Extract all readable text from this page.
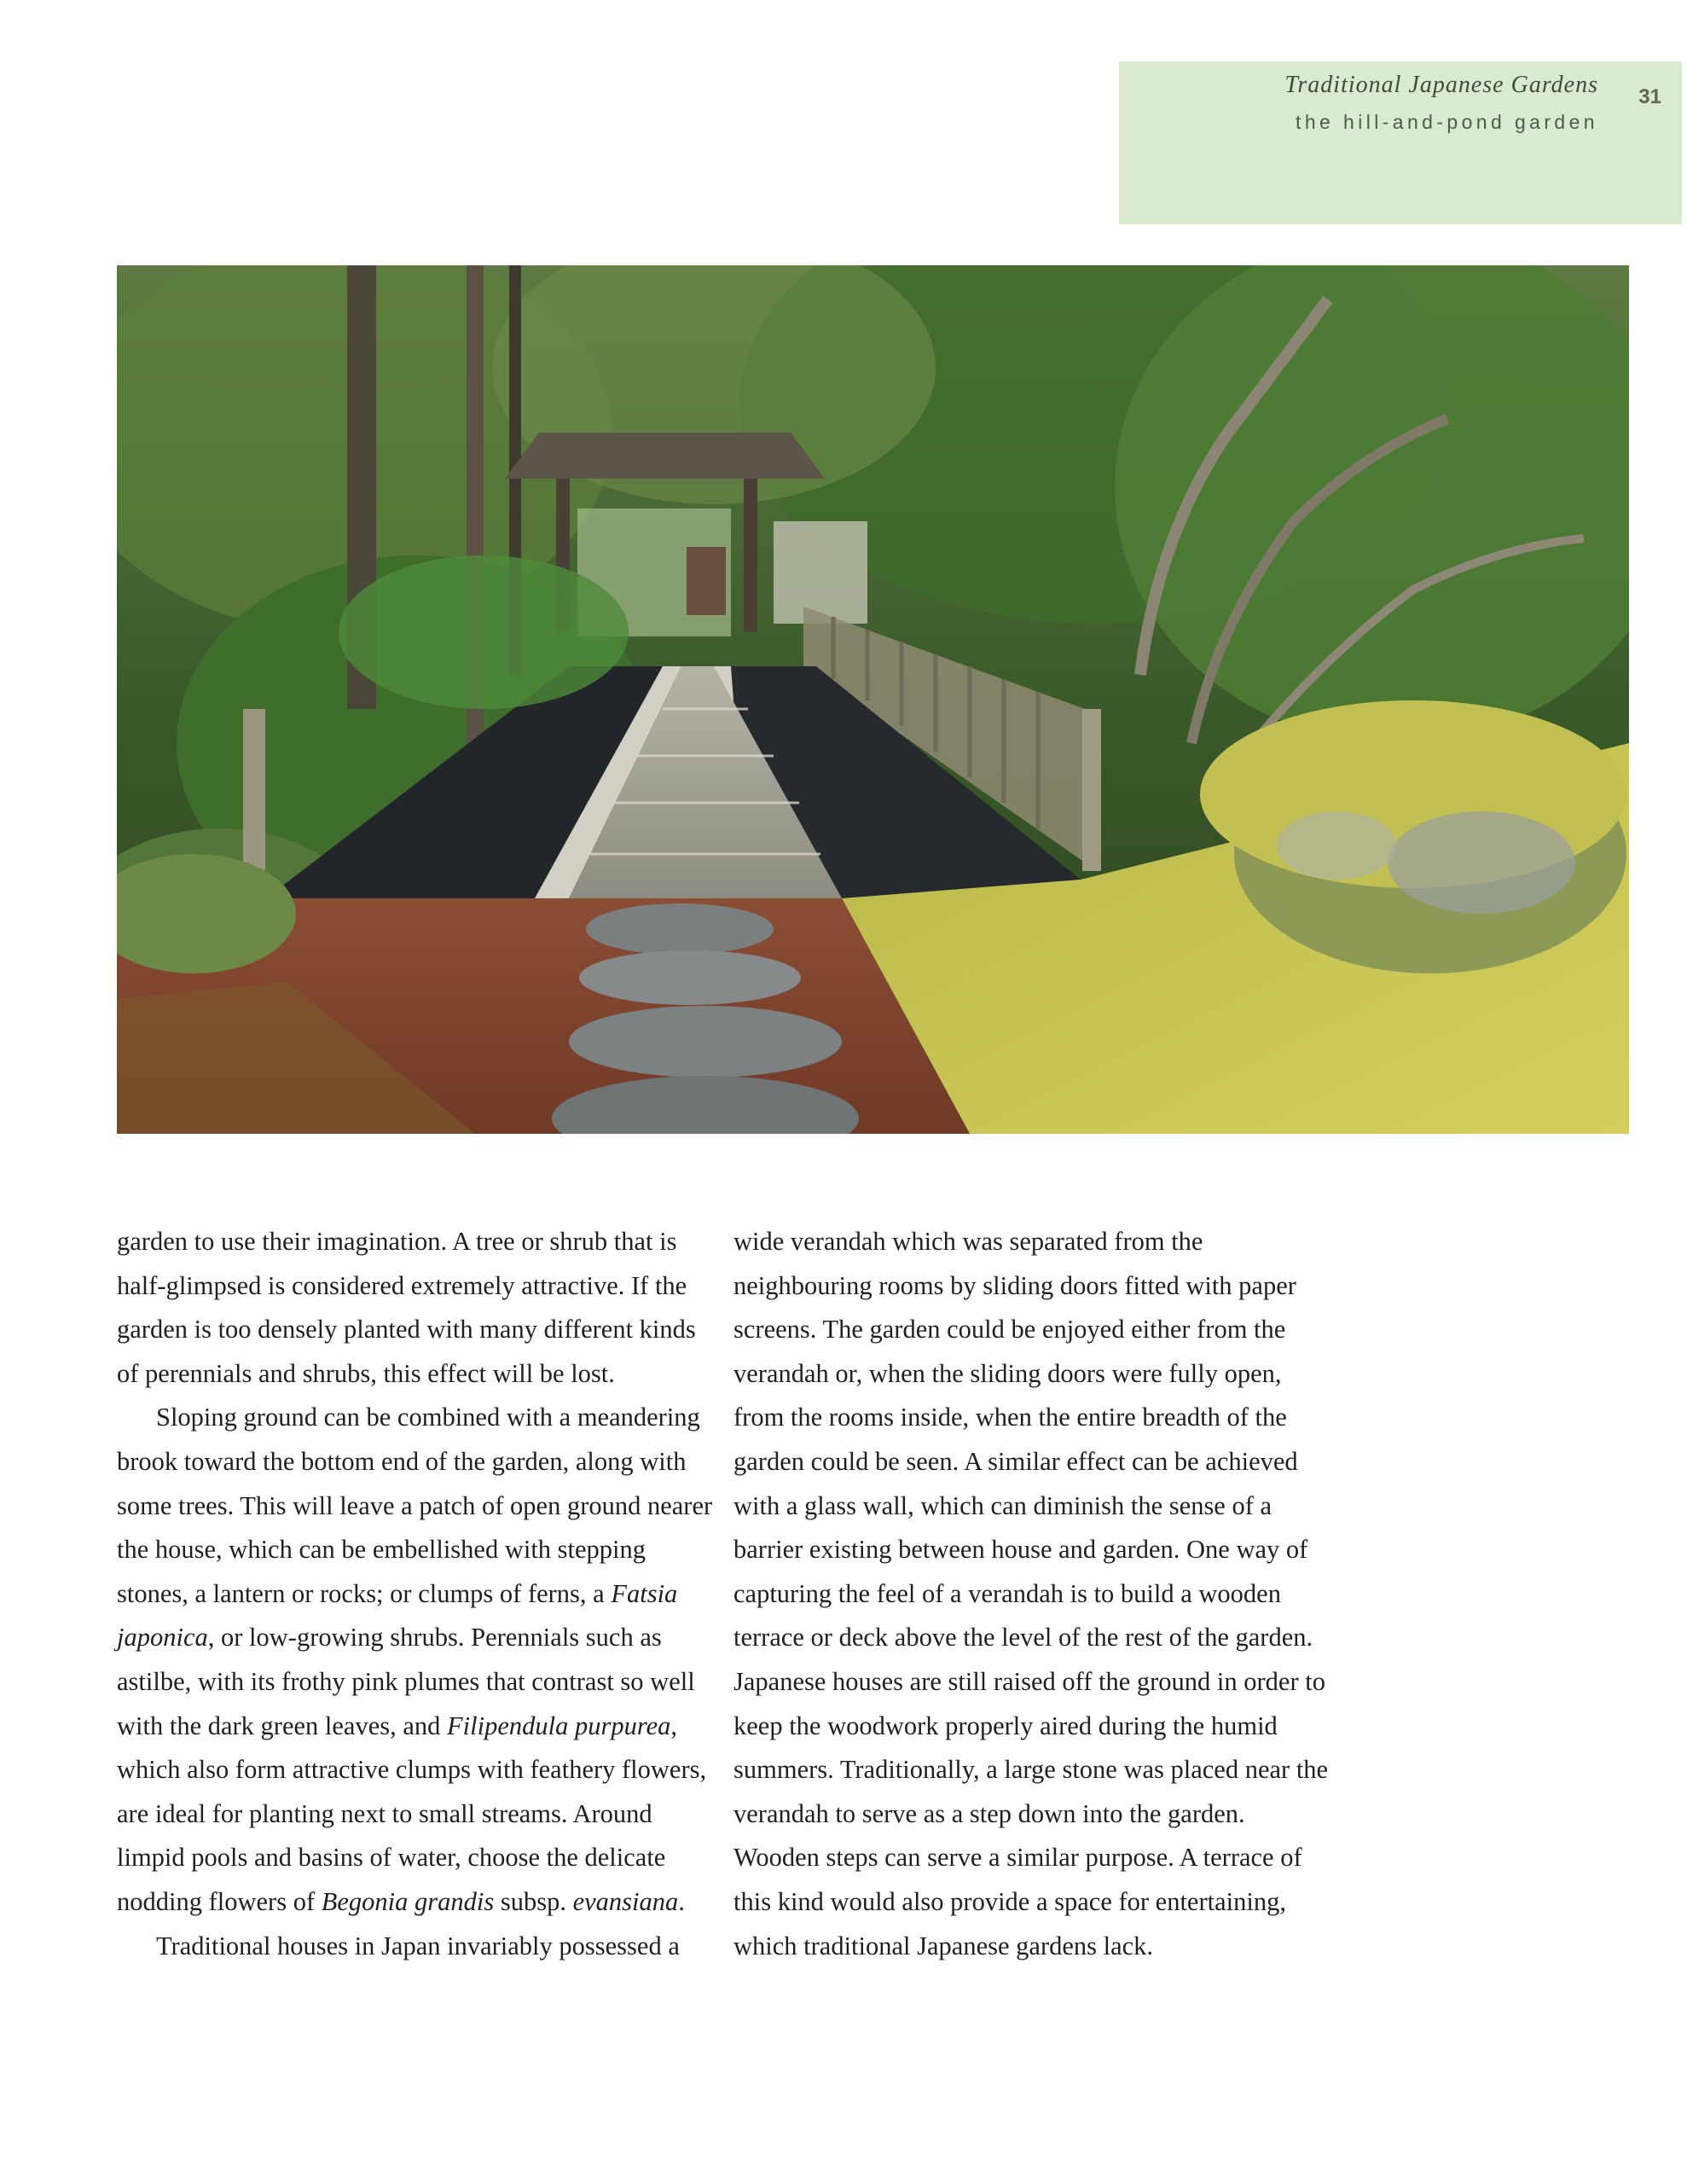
Traditional Japanese Gardens
the hill-and-pond garden
31

garden to use their imagination. A tree or shrub that is half-glimpsed is considered extremely attractive. If the garden is too densely planted with many different kinds of perennials and shrubs, this effect will be lost.

Sloping ground can be combined with a meandering brook toward the bottom end of the garden, along with some trees. This will leave a patch of open ground nearer the house, which can be embellished with stepping stones, a lantern or rocks; or clumps of ferns, a Fatsia japonica, or low-growing shrubs. Perennials such as astilbe, with its frothy pink plumes that contrast so well with the dark green leaves, and Filipendula purpurea, which also form attractive clumps with feathery flowers, are ideal for planting next to small streams. Around limpid pools and basins of water, choose the delicate nodding flowers of Begonia grandis subsp. evansiana.

Traditional houses in Japan invariably possessed a

wide verandah which was separated from the neighbouring rooms by sliding doors fitted with paper screens. The garden could be enjoyed either from the verandah or, when the sliding doors were fully open, from the rooms inside, when the entire breadth of the garden could be seen. A similar effect can be achieved with a glass wall, which can diminish the sense of a barrier existing between house and garden. One way of capturing the feel of a verandah is to build a wooden terrace or deck above the level of the rest of the garden. Japanese houses are still raised off the ground in order to keep the woodwork properly aired during the humid summers. Traditionally, a large stone was placed near the verandah to serve as a step down into the garden. Wooden steps can serve a similar purpose. A terrace of this kind would also provide a space for entertaining, which traditional Japanese gardens lack.
